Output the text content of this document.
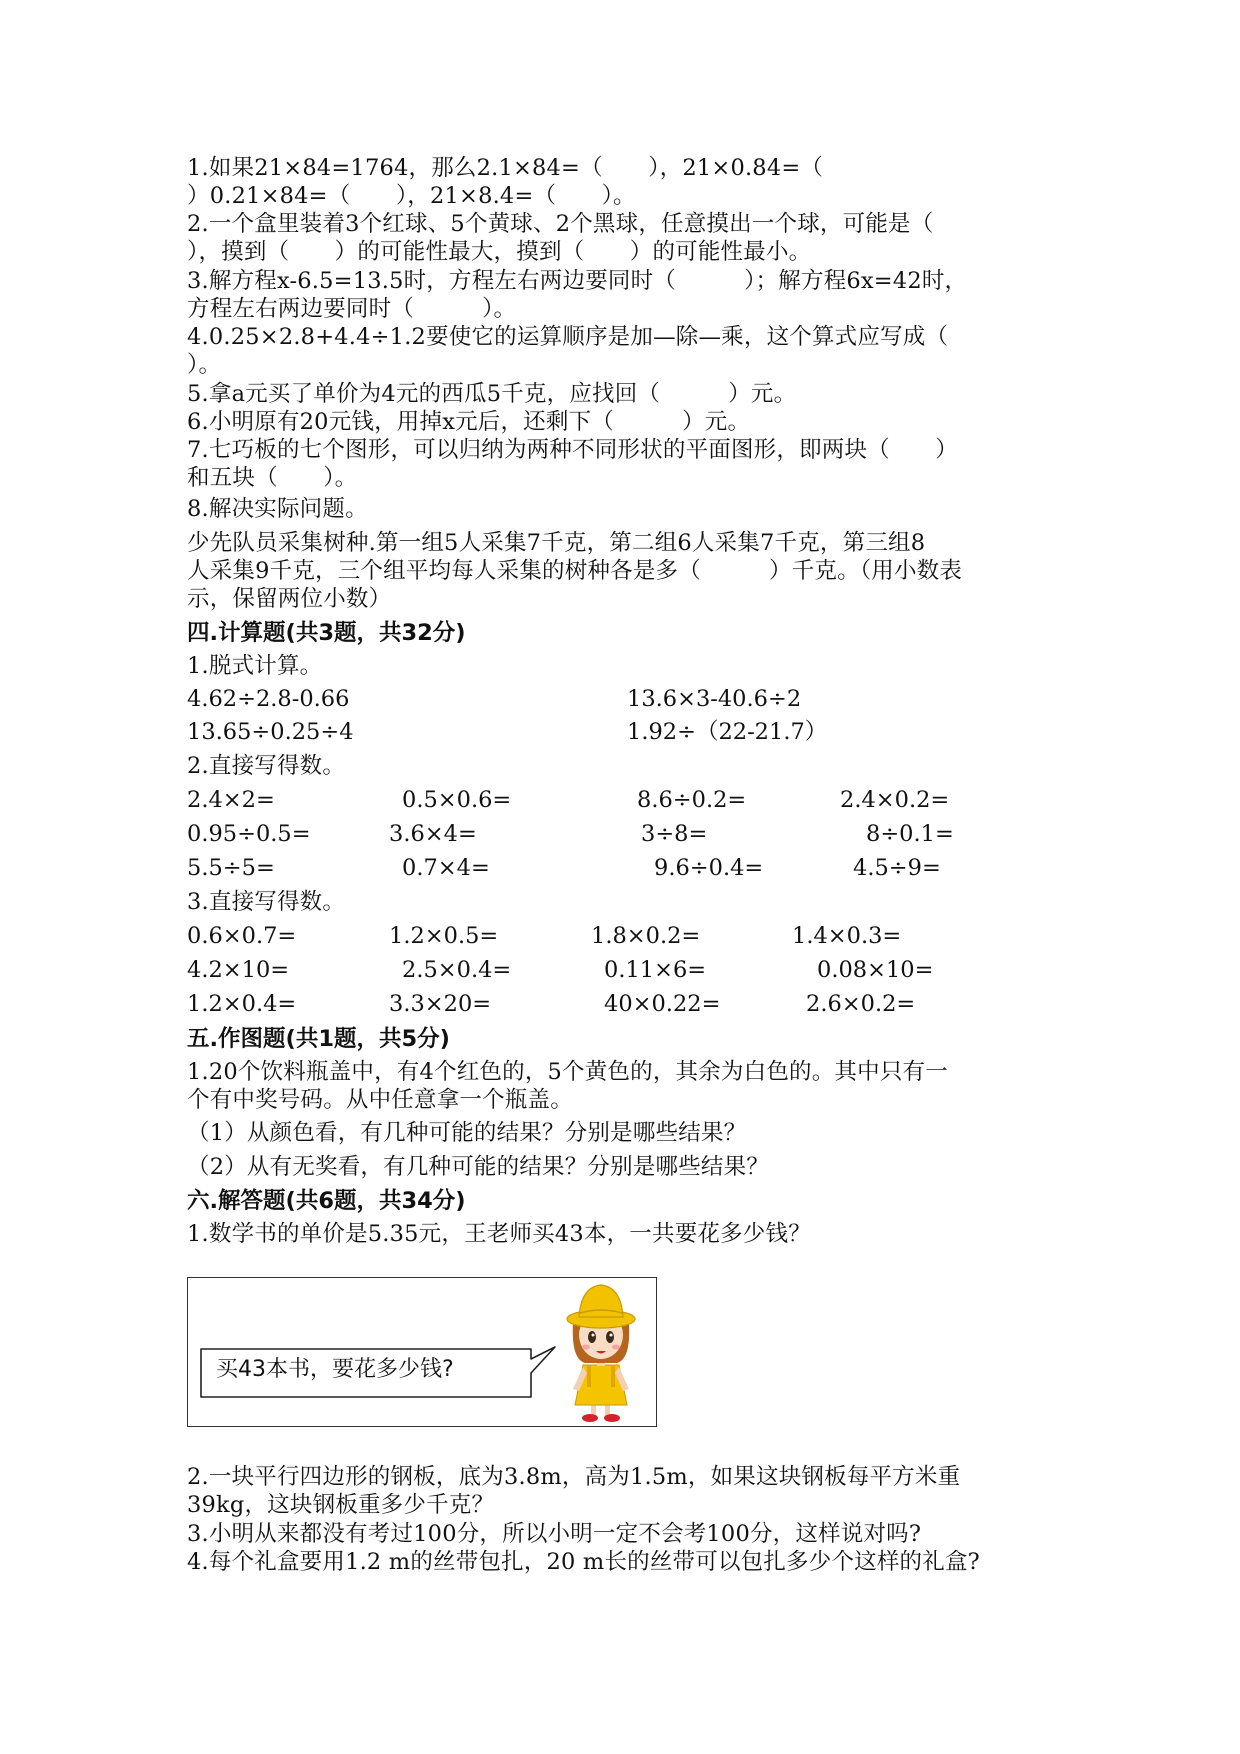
1.如果21×84=1764，那么2.1×84=（　　），21×0.84=（
）0.21×84=（　　），21×8.4=（　　）。
2.一个盒里装着3个红球、5个黄球、2个黑球，任意摸出一个球，可能是（
），摸到（　　）的可能性最大，摸到（　　）的可能性最小。
3.解方程x-6.5=13.5时，方程左右两边要同时（　　　）；解方程6x=42时，
方程左右两边要同时（　　　）。
4.0.25×2.8+4.4÷1.2要使它的运算顺序是加—除—乘，这个算式应写成（
）。
5.拿a元买了单价为4元的西瓜5千克，应找回（　　　）元。
6.小明原有20元钱，用掉x元后，还剩下（　　　）元。
7.七巧板的七个图形，可以归纳为两种不同形状的平面图形，即两块（　　）
和五块（　　）。
8.解决实际问题。
少先队员采集树种.第一组5人采集7千克，第二组6人采集7千克，第三组8
人采集9千克，三个组平均每人采集的树种各是多（　　　）千克。（用小数表
示，保留两位小数）
四.计算题(共3题，共32分)
1.脱式计算。
4.62÷2.8-0.66	13.6×3-40.6÷2
13.65÷0.25÷4	1.92÷（22-21.7）
2.直接写得数。
2.4×2=	0.5×0.6=	8.6÷0.2=	2.4×0.2=
0.95÷0.5=	3.6×4=	3÷8=	8÷0.1=
5.5÷5=	0.7×4=	9.6÷0.4=	4.5÷9=
3.直接写得数。
0.6×0.7=	1.2×0.5=	1.8×0.2=	1.4×0.3=
4.2×10=	2.5×0.4=	0.11×6=	0.08×10=
1.2×0.4=	3.3×20=	40×0.22=	2.6×0.2=
五.作图题(共1题，共5分)
1.20个饮料瓶盖中，有4个红色的，5个黄色的，其余为白色的。其中只有一
个有中奖号码。从中任意拿一个瓶盖。
（1）从颜色看，有几种可能的结果？分别是哪些结果？
（2）从有无奖看，有几种可能的结果？分别是哪些结果？
六.解答题(共6题，共34分)
1.数学书的单价是5.35元，王老师买43本，一共要花多少钱？
买43本书，要花多少钱?
2.一块平行四边形的钢板，底为3.8m，高为1.5m，如果这块钢板每平方米重
39kg，这块钢板重多少千克？
3.小明从来都没有考过100分，所以小明一定不会考100分，这样说对吗?
4.每个礼盒要用1.2 m的丝带包扎，20 m长的丝带可以包扎多少个这样的礼盒?
